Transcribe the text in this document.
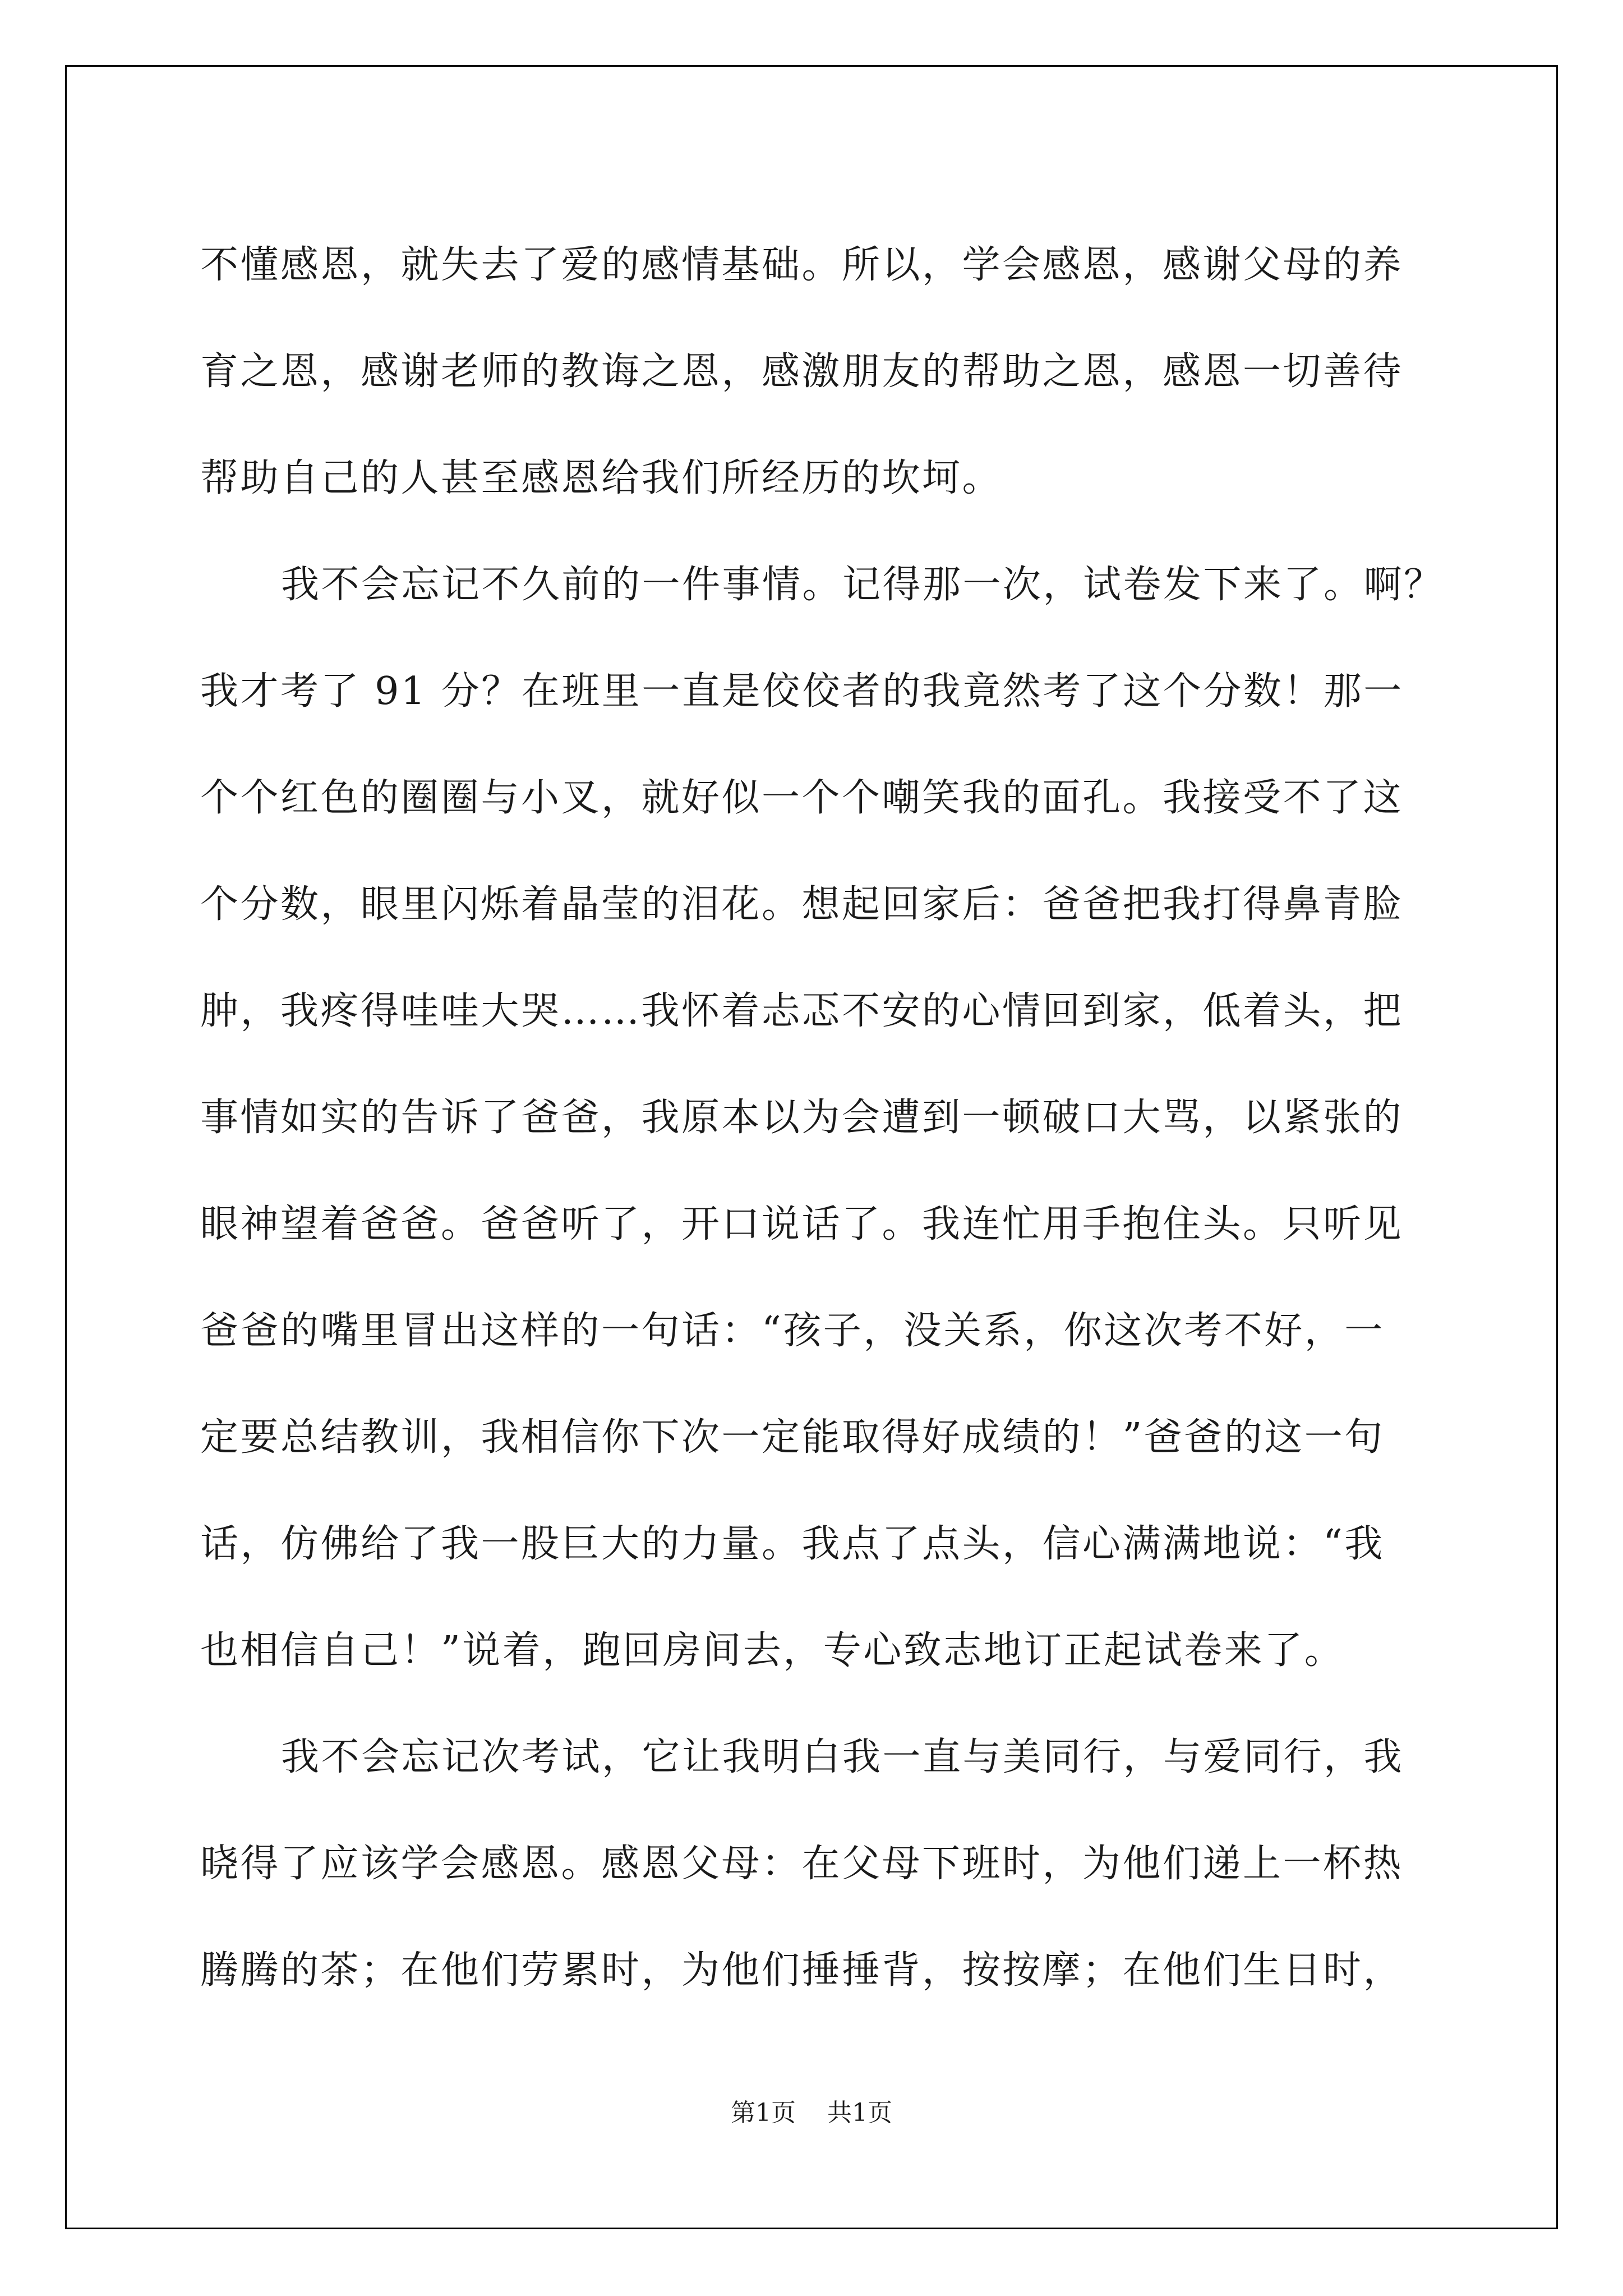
不懂感恩，就失去了爱的感情基础。所以，学会感恩，感谢父母的养
育之恩，感谢老师的教诲之恩，感激朋友的帮助之恩，感恩一切善待
帮助自己的人甚至感恩给我们所经历的坎坷。
我不会忘记不久前的一件事情。记得那一次，试卷发下来了。啊？
我才考了 91 分？在班里一直是佼佼者的我竟然考了这个分数！那一
个个红色的圈圈与小叉，就好似一个个嘲笑我的面孔。我接受不了这
个分数，眼里闪烁着晶莹的泪花。想起回家后：爸爸把我打得鼻青脸
肿，我疼得哇哇大哭……我怀着忐忑不安的心情回到家，低着头，把
事情如实的告诉了爸爸，我原本以为会遭到一顿破口大骂，以紧张的
眼神望着爸爸。爸爸听了，开口说话了。我连忙用手抱住头。只听见
爸爸的嘴里冒出这样的一句话：“孩子，没关系，你这次考不好，一
定要总结教训，我相信你下次一定能取得好成绩的！”爸爸的这一句
话，仿佛给了我一股巨大的力量。我点了点头，信心满满地说：“我
也相信自己！”说着，跑回房间去，专心致志地订正起试卷来了。
我不会忘记次考试，它让我明白我一直与美同行，与爱同行，我
晓得了应该学会感恩。感恩父母：在父母下班时，为他们递上一杯热
腾腾的茶；在他们劳累时，为他们捶捶背，按按摩；在他们生日时，
第1页 共1页
